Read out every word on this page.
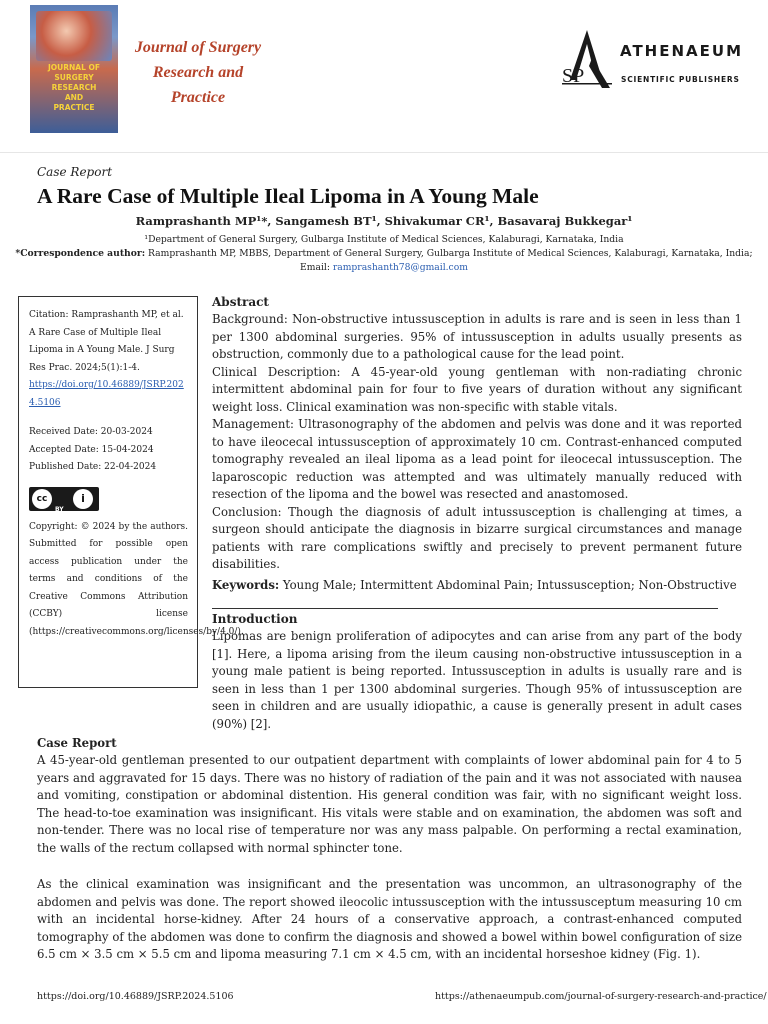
JOURNAL OF
SURGERY
RESEARCH
AND
PRACTICE
Journal of Surgery
Research and
Practice
SP
ATHENAEUM
SCIENTIFIC PUBLISHERS
Case Report
A Rare Case of Multiple Ileal Lipoma in A Young Male
Ramprashanth MP¹*, Sangamesh BT¹, Shivakumar CR¹, Basavaraj Bukkegar¹
¹Department of General Surgery, Gulbarga Institute of Medical Sciences, Kalaburagi, Karnataka, India
*Correspondence author: Ramprashanth MP, MBBS, Department of General Surgery, Gulbarga Institute of Medical Sciences, Kalaburagi, Karnataka, India;
Email: ramprashanth78@gmail.com
Citation: Ramprashanth MP, et al. A Rare Case of Multiple Ileal Lipoma in A Young Male. J Surg Res Prac. 2024;5(1):1-4.
https://doi.org/10.46889/JSRP.2024.5106
Received Date: 20-03-2024
Accepted Date: 15-04-2024
Published Date: 22-04-2024
cc	i
BY
Copyright: © 2024 by the authors. Submitted for possible open access publication under the terms and conditions of the Creative Commons Attribution (CCBY) license (https://creativecommons.org/licenses/by/4.0/).
Abstract

Background: Non-obstructive intussusception in adults is rare and is seen in less than 1 per 1300 abdominal surgeries. 95% of intussusception in adults usually presents as obstruction, commonly due to a pathological cause for the lead point.

Clinical Description: A 45-year-old young gentleman with non-radiating chronic intermittent abdominal pain for four to five years of duration without any significant weight loss. Clinical examination was non-specific with stable vitals.

Management: Ultrasonography of the abdomen and pelvis was done and it was reported to have ileocecal intussusception of approximately 10 cm. Contrast-enhanced computed tomography revealed an ileal lipoma as a lead point for ileocecal intussusception. The laparoscopic reduction was attempted and was ultimately manually reduced with resection of the lipoma and the bowel was resected and anastomosed.

Conclusion: Though the diagnosis of adult intussusception is challenging at times, a surgeon should anticipate the diagnosis in bizarre surgical circumstances and manage patients with rare complications swiftly and precisely to prevent permanent future disabilities.

Keywords: Young Male; Intermittent Abdominal Pain; Intussusception; Non-Obstructive
Introduction
Lipomas are benign proliferation of adipocytes and can arise from any part of the body [1]. Here, a lipoma arising from the ileum causing non-obstructive intussusception in a young male patient is being reported. Intussusception in adults is usually rare and is seen in less than 1 per 1300 abdominal surgeries. Though 95% of intussusception are seen in children and are usually idiopathic, a cause is generally present in adult cases (90%) [2].
Case Report
A 45-year-old gentleman presented to our outpatient department with complaints of lower abdominal pain for 4 to 5 years and aggravated for 15 days. There was no history of radiation of the pain and it was not associated with nausea and vomiting, constipation or abdominal distention. His general condition was fair, with no significant weight loss. The head-to-toe examination was insignificant. His vitals were stable and on examination, the abdomen was soft and non-tender. There was no local rise of temperature nor was any mass palpable. On performing a rectal examination, the walls of the rectum collapsed with normal sphincter tone.
As the clinical examination was insignificant and the presentation was uncommon, an ultrasonography of the abdomen and pelvis was done. The report showed ileocolic intussusception with the intussusceptum measuring 10 cm with an incidental horse-kidney. After 24 hours of a conservative approach, a contrast-enhanced computed tomography of the abdomen was done to confirm the diagnosis and showed a bowel within bowel configuration of size 6.5 cm × 3.5 cm × 5.5 cm and lipoma measuring 7.1 cm × 4.5 cm, with an incidental horseshoe kidney (Fig. 1).
https://doi.org/10.46889/JSRP.2024.5106	https://athenaeumpub.com/journal-of-surgery-research-and-practice/
